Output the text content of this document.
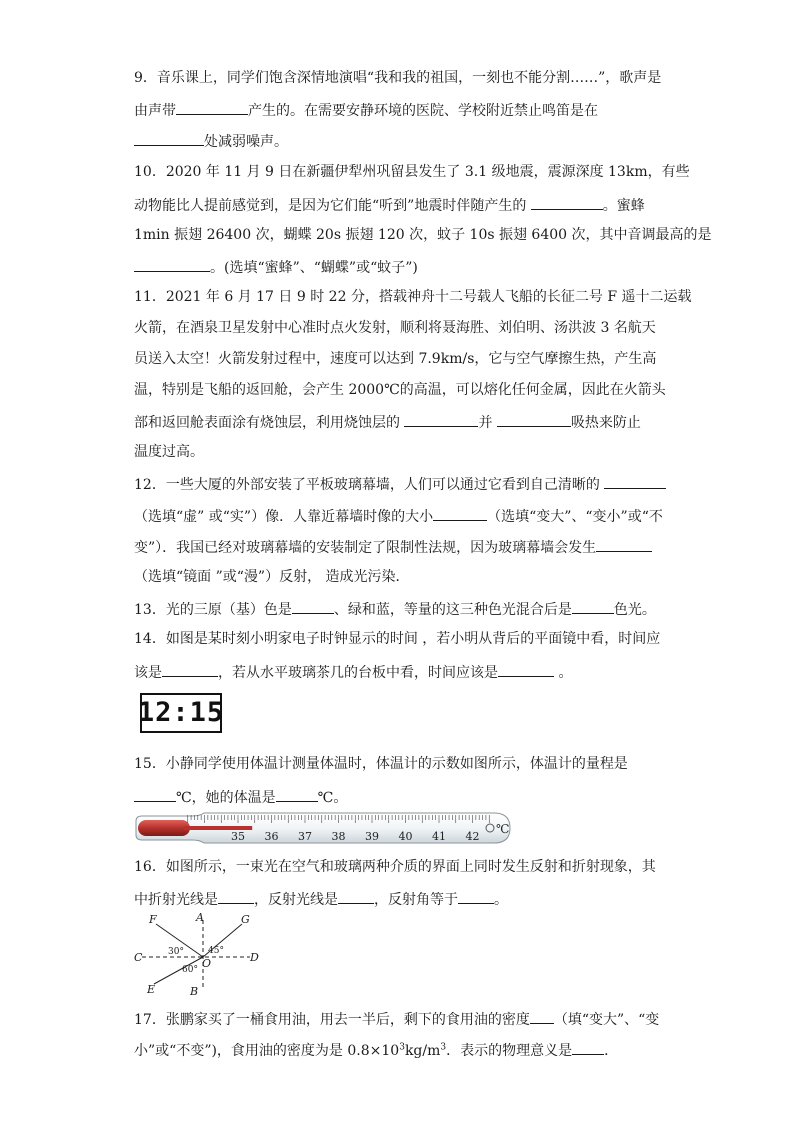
9．音乐课上，同学们饱含深情地演唱“我和我的祖国，一刻也不能分割……”，歌声是
由声带	产生的。在需要安静环境的医院、学校附近禁止鸣笛是在
处减弱噪声。
10．2020 年 11 月 9 日在新疆伊犁州巩留县发生了 3.1 级地震，震源深度 13km，有些
动物能比人提前感觉到，是因为它们能“听到”地震时伴随产生的	。蜜蜂
1min 振翅 26400 次，蝴蝶 20s 振翅 120 次，蚊子 10s 振翅 6400 次，其中音调最高的是
。(选填“蜜蜂”、“蝴蝶”或“蚊子”)
11．2021 年 6 月 17 日 9 时 22 分，搭载神舟十二号载人飞船的长征二号 F 遥十二运载
火箭，在酒泉卫星发射中心准时点火发射，顺利将聂海胜、刘伯明、汤洪波 3 名航天
员送入太空！火箭发射过程中，速度可以达到 7.9km/s，它与空气摩擦生热，产生高
温，特别是飞船的返回舱，会产生 2000℃的高温，可以熔化任何金属，因此在火箭头
部和返回舱表面涂有烧蚀层，利用烧蚀层的	并	吸热来防止
温度过高。
12．一些大厦的外部安装了平板玻璃幕墙，人们可以通过它看到自己清晰的
（选填“虚” 或“实”）像．人靠近幕墙时像的大小	（选填“变大”、“变小”或“不
变”）．我国已经对玻璃幕墙的安装制定了限制性法规，因为玻璃幕墙会发生
（选填“镜面 ”或“漫”）反射， 造成光污染．
13．光的三原（基）色是	、绿和蓝，等量的这三种色光混合后是	色光。
14．如图是某时刻小明家电子时钟显示的时间 ，若小明从背后的平面镜中看，时间应
该是	，若从水平玻璃茶几的台板中看，时间应该是	。
12:15
15．小静同学使用体温计测量体温时，体温计的示数如图所示，体温计的量程是
℃，她的体温是	℃。
35 36 37 38 39 40 41 42
℃
16．如图所示，一束光在空气和玻璃两种介质的界面上同时发生反射和折射现象，其
中折射光线是	，反射光线是	，反射角等于	。
F	A	G
C	D
O
E	B
30°	45°
60°
17．张鹏家买了一桶食用油，用去一半后，剩下的食用油的密度 （填“变大”、“变
小”或“不变”)，食用油的密度为是 $0.8\times 10^3kg/m^3$．表示的物理意义是 ．
